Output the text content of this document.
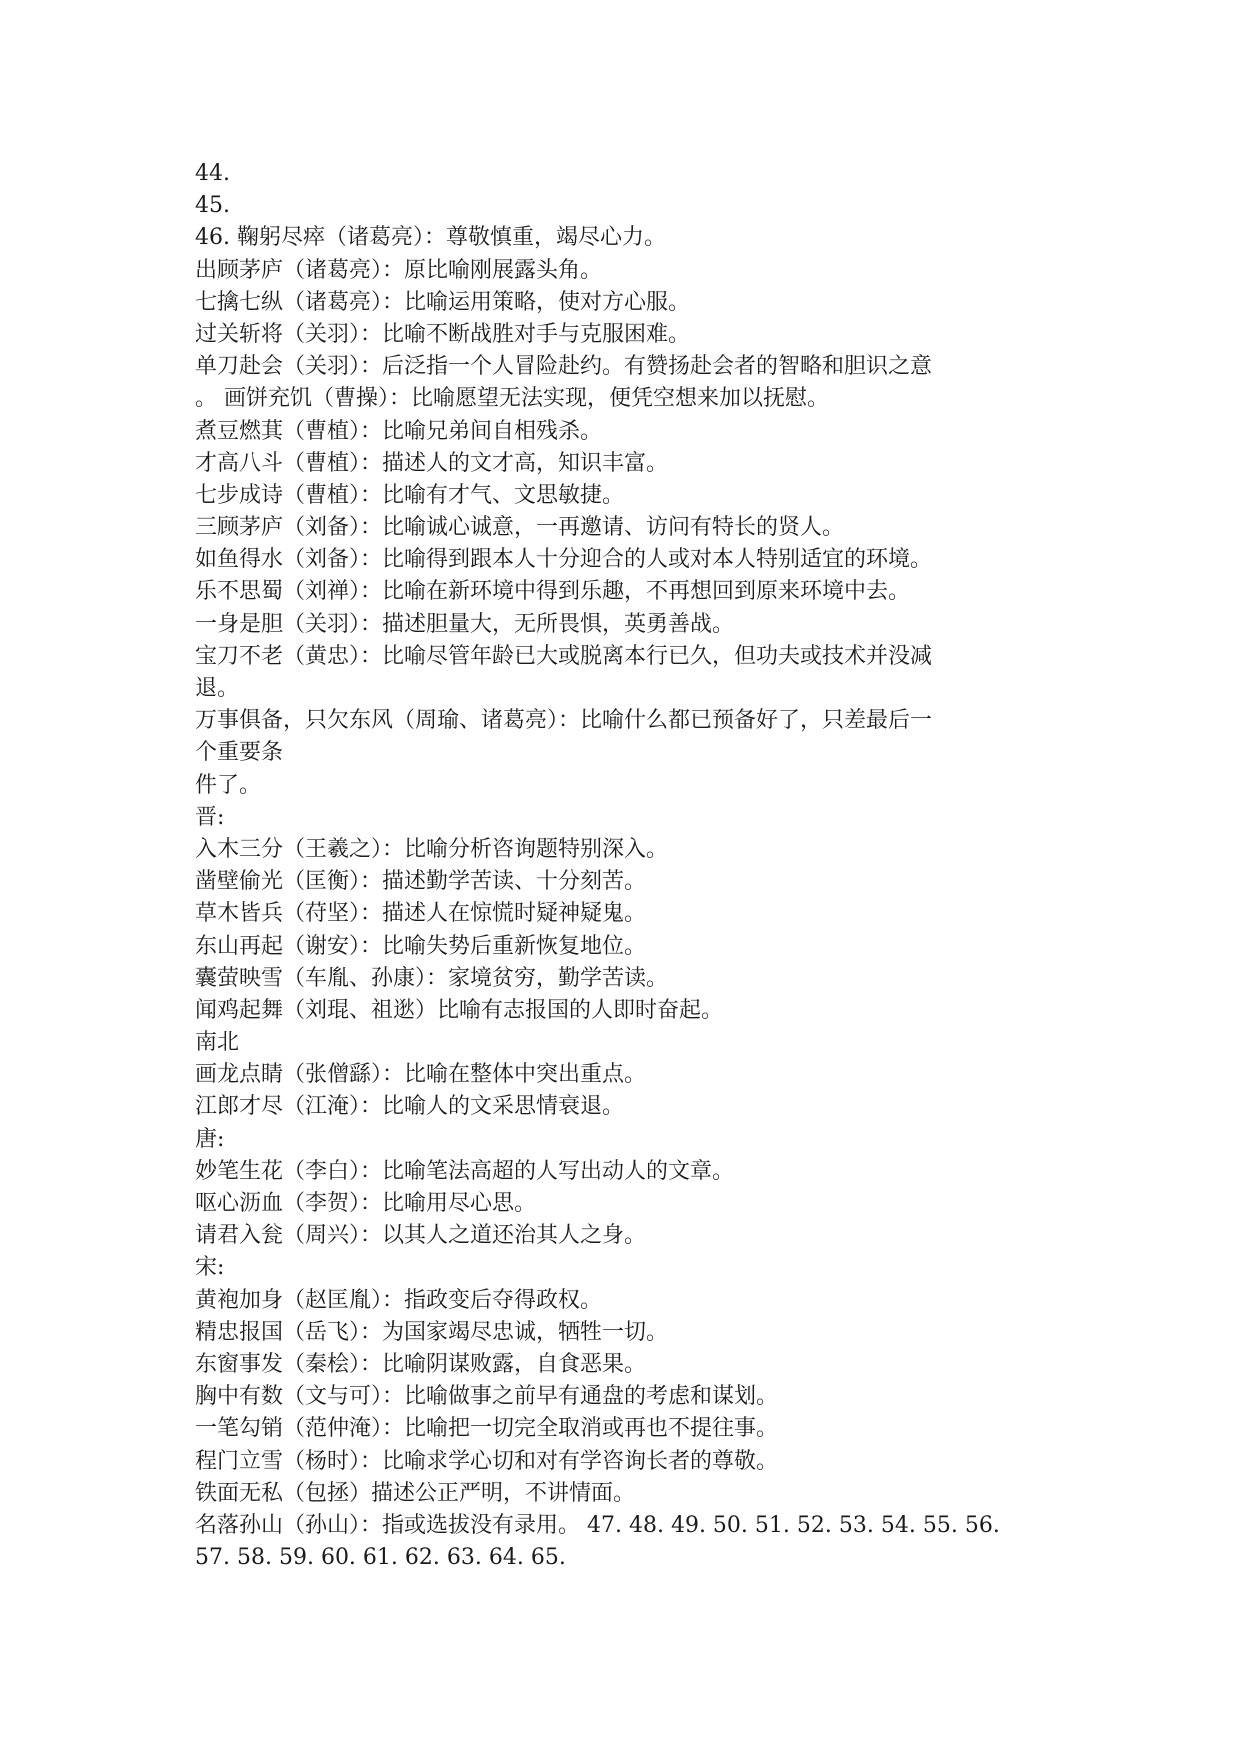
44.
45.
46. 鞠躬尽瘁（诸葛亮）：尊敬慎重，竭尽心力。
出顾茅庐（诸葛亮）：原比喻刚展露头角。
七擒七纵（诸葛亮）：比喻运用策略，使对方心服。
过关斩将（关羽）：比喻不断战胜对手与克服困难。
单刀赴会（关羽）：后泛指一个人冒险赴约。有赞扬赴会者的智略和胆识之意
。 画饼充饥（曹操）：比喻愿望无法实现，便凭空想来加以抚慰。
煮豆燃萁（曹植）：比喻兄弟间自相残杀。
才高八斗（曹植）：描述人的文才高，知识丰富。
七步成诗（曹植）：比喻有才气、文思敏捷。
三顾茅庐（刘备）：比喻诚心诚意，一再邀请、访问有特长的贤人。
如鱼得水（刘备）：比喻得到跟本人十分迎合的人或对本人特别适宜的环境。
乐不思蜀（刘禅）：比喻在新环境中得到乐趣，不再想回到原来环境中去。
一身是胆（关羽）：描述胆量大，无所畏惧，英勇善战。
宝刀不老（黄忠）：比喻尽管年龄已大或脱离本行已久，但功夫或技术并没减
退。
万事俱备，只欠东风（周瑜、诸葛亮）：比喻什么都已预备好了，只差最后一
个重要条
件了。
晋:
入木三分（王羲之）：比喻分析咨询题特别深入。
凿壁偷光（匡衡）：描述勤学苦读、十分刻苦。
草木皆兵（苻坚）：描述人在惊慌时疑神疑鬼。
东山再起（谢安）：比喻失势后重新恢复地位。
囊萤映雪（车胤、孙康）：家境贫穷，勤学苦读。
闻鸡起舞（刘琨、祖逖）比喻有志报国的人即时奋起。
南北
画龙点睛（张僧繇）：比喻在整体中突出重点。
江郎才尽（江淹）：比喻人的文采思情衰退。
唐:
妙笔生花（李白）：比喻笔法高超的人写出动人的文章。
呕心沥血（李贺）：比喻用尽心思。
请君入瓮（周兴）：以其人之道还治其人之身。
宋:
黄袍加身（赵匡胤）：指政变后夺得政权。
精忠报国（岳飞）：为国家竭尽忠诚，牺牲一切。
东窗事发（秦桧）：比喻阴谋败露，自食恶果。
胸中有数（文与可）：比喻做事之前早有通盘的考虑和谋划。
一笔勾销（范仲淹）：比喻把一切完全取消或再也不提往事。
程门立雪（杨时）：比喻求学心切和对有学咨询长者的尊敬。
铁面无私（包拯）描述公正严明，不讲情面。
名落孙山（孙山）：指或选拔没有录用。 47. 48. 49. 50. 51. 52. 53. 54. 55. 56.
57. 58. 59. 60. 61. 62. 63. 64. 65.
